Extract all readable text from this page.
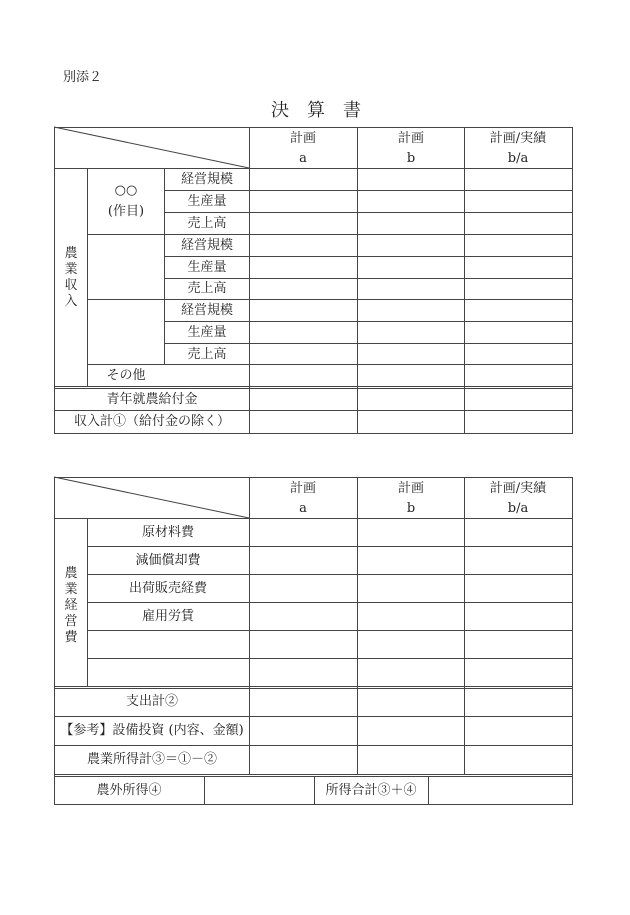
別添２
決　算　書
計画
a
計画
b
計画/実績
b/a
農業収入
○○
(作目)
経営規模
生産量
売上高
経営規模
生産量
売上高
経営規模
生産量
売上高
その他
青年就農給付金
収入計①（給付金の除く）
計画
a
計画
b
計画/実績
b/a
農業経営費
原材料費
減価償却費
出荷販売経費
雇用労賃
支出計②
【参考】設備投資 (内容、金額)
農業所得計③＝①－②
農外所得④	所得合計③＋④
